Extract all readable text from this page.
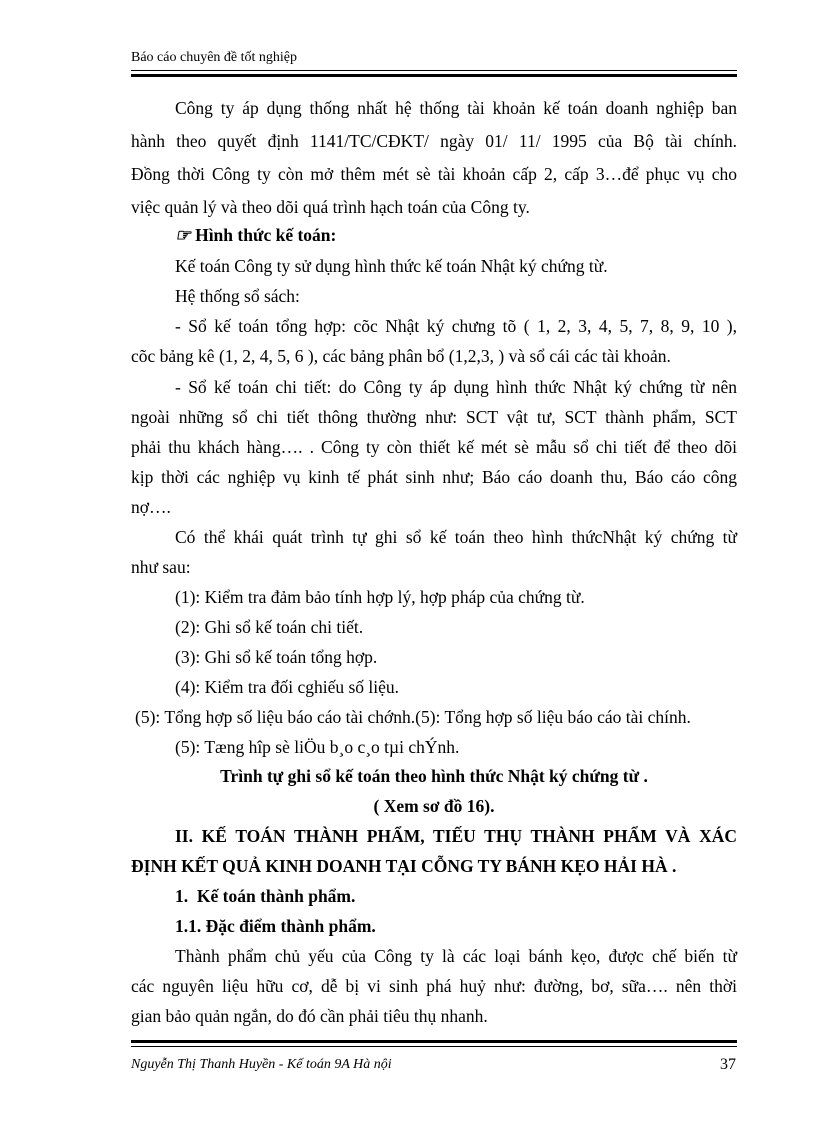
Báo cáo chuyên đề tốt nghiệp
Công ty áp dụng thống nhất hệ thống tài khoản kế toán doanh nghiệp ban
hành theo quyết định 1141/TC/CĐKT/ ngày 01/ 11/ 1995 của Bộ tài chính.
Đồng thời Công ty còn mở thêm mét sè tài khoản cấp 2, cấp 3…để phục vụ cho
việc quản lý và theo dõi quá trình hạch toán của Công ty.
☞ Hình thức kế toán:
Kế toán Công ty sử dụng hình thức kế toán Nhật ký chứng từ.
Hệ thống sổ sách:
- Sổ kế toán tổng hợp: cõc Nhật ký chưng tõ ( 1, 2, 3, 4, 5, 7, 8, 9, 10 ),
cõc bảng kê (1, 2, 4, 5, 6 ), các bảng phân bổ (1,2,3, ) và sổ cái các tài khoản.
- Sổ kế toán chi tiết: do Công ty áp dụng hình thức Nhật ký chứng từ nên
ngoài những sổ chi tiết thông thường như: SCT vật tư, SCT thành phẩm, SCT
phải thu khách hàng…. . Công ty còn thiết kế mét sè mẫu sổ chi tiết để theo dõi
kịp thời các nghiệp vụ kinh tế phát sinh như; Báo cáo doanh thu, Báo cáo công
nợ….
Có thể khái quát trình tự ghi sổ kế toán theo hình thứcNhật ký chứng từ
như sau:
(1): Kiểm tra đảm bảo tính hợp lý, hợp pháp của chứng từ.
(2): Ghi sổ kế toán chi tiết.
(3): Ghi sổ kế toán tổng hợp.
(4): Kiểm tra đối cghiếu số liệu.
(5): Tổng hợp số liệu báo cáo tài chớnh.(5): Tổng hợp số liệu báo cáo tài chính.
(5): Tæng hîp sè liÖu b¸o c¸o tµi chÝnh.
Trình tự ghi sổ kế toán theo hình thức Nhật ký chứng từ .
( Xem sơ đồ 16).
II. KẾ TOÁN THÀNH PHẨM, TIẾU THỤ THÀNH PHẨM VÀ XÁC
ĐỊNH KẾT QUẢ KINH DOANH TẠI CỖNG TY BÁNH KẸO HẢI HÀ .
1. Kế toán thành phẩm.
1.1. Đặc điểm thành phẩm.
Thành phẩm chủ yếu của Công ty là các loại bánh kẹo, được chế biến từ
các nguyên liệu hữu cơ, dễ bị vi sinh phá huỷ như: đường, bơ, sữa…. nên thời
gian bảo quản ngắn, do đó cần phải tiêu thụ nhanh.
Nguyễn Thị Thanh Huyền - Kế toán 9A Hà nội	37
